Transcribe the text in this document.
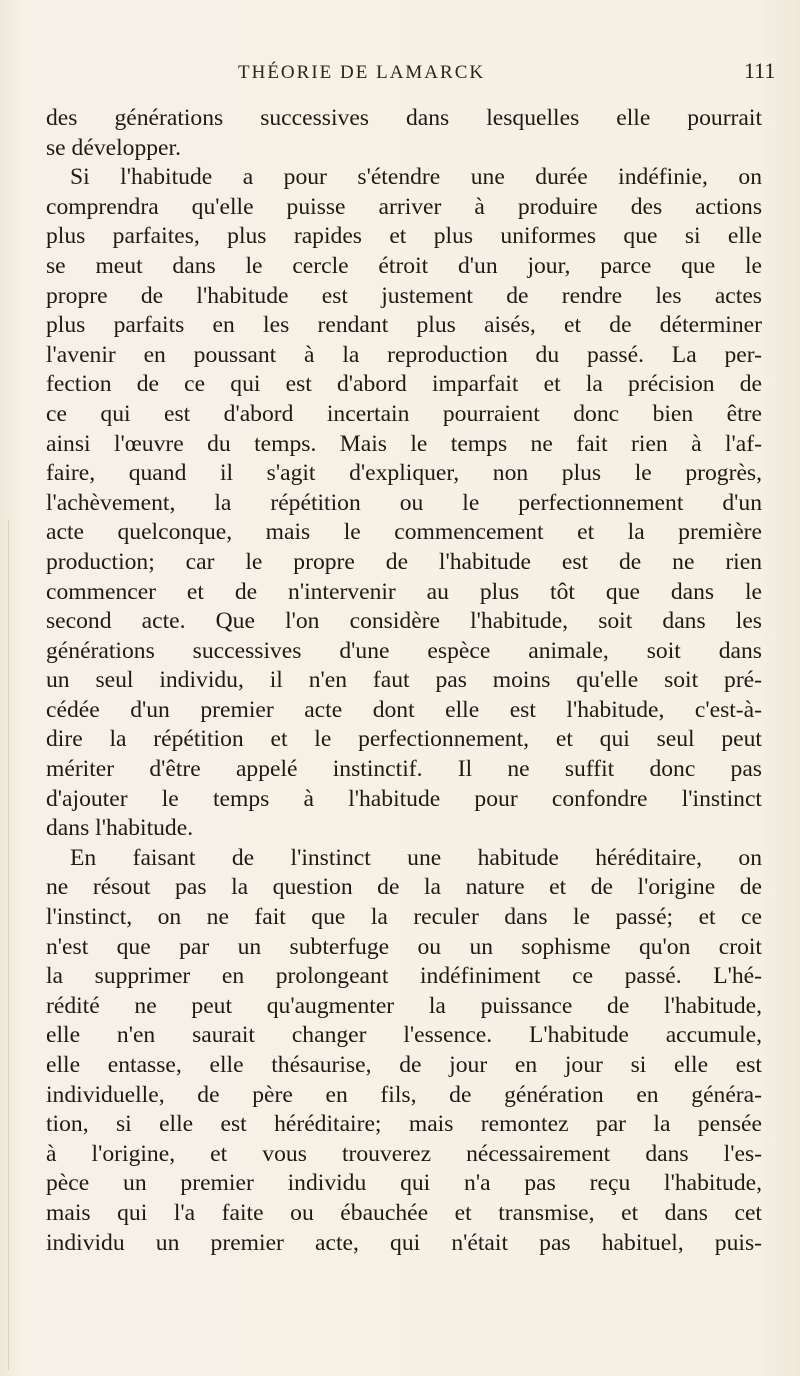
THÉORIE DE LAMARCK	111
des générations successives dans lesquelles elle pourrait
se développer.
Si l'habitude a pour s'étendre une durée indéfinie, on
comprendra qu'elle puisse arriver à produire des actions
plus parfaites, plus rapides et plus uniformes que si elle
se meut dans le cercle étroit d'un jour, parce que le
propre de l'habitude est justement de rendre les actes
plus parfaits en les rendant plus aisés, et de déterminer
l'avenir en poussant à la reproduction du passé. La per-
fection de ce qui est d'abord imparfait et la précision de
ce qui est d'abord incertain pourraient donc bien être
ainsi l'œuvre du temps. Mais le temps ne fait rien à l'af-
faire, quand il s'agit d'expliquer, non plus le progrès,
l'achèvement, la répétition ou le perfectionnement d'un
acte quelconque, mais le commencement et la première
production; car le propre de l'habitude est de ne rien
commencer et de n'intervenir au plus tôt que dans le
second acte. Que l'on considère l'habitude, soit dans les
générations successives d'une espèce animale, soit dans
un seul individu, il n'en faut pas moins qu'elle soit pré-
cédée d'un premier acte dont elle est l'habitude, c'est-à-
dire la répétition et le perfectionnement, et qui seul peut
mériter d'être appelé instinctif. Il ne suffit donc pas
d'ajouter le temps à l'habitude pour confondre l'instinct
dans l'habitude.
En faisant de l'instinct une habitude héréditaire, on
ne résout pas la question de la nature et de l'origine de
l'instinct, on ne fait que la reculer dans le passé; et ce
n'est que par un subterfuge ou un sophisme qu'on croit
la supprimer en prolongeant indéfiniment ce passé. L'hé-
rédité ne peut qu'augmenter la puissance de l'habitude,
elle n'en saurait changer l'essence. L'habitude accumule,
elle entasse, elle thésaurise, de jour en jour si elle est
individuelle, de père en fils, de génération en généra-
tion, si elle est héréditaire; mais remontez par la pensée
à l'origine, et vous trouverez nécessairement dans l'es-
pèce un premier individu qui n'a pas reçu l'habitude,
mais qui l'a faite ou ébauchée et transmise, et dans cet
individu un premier acte, qui n'était pas habituel, puis-
